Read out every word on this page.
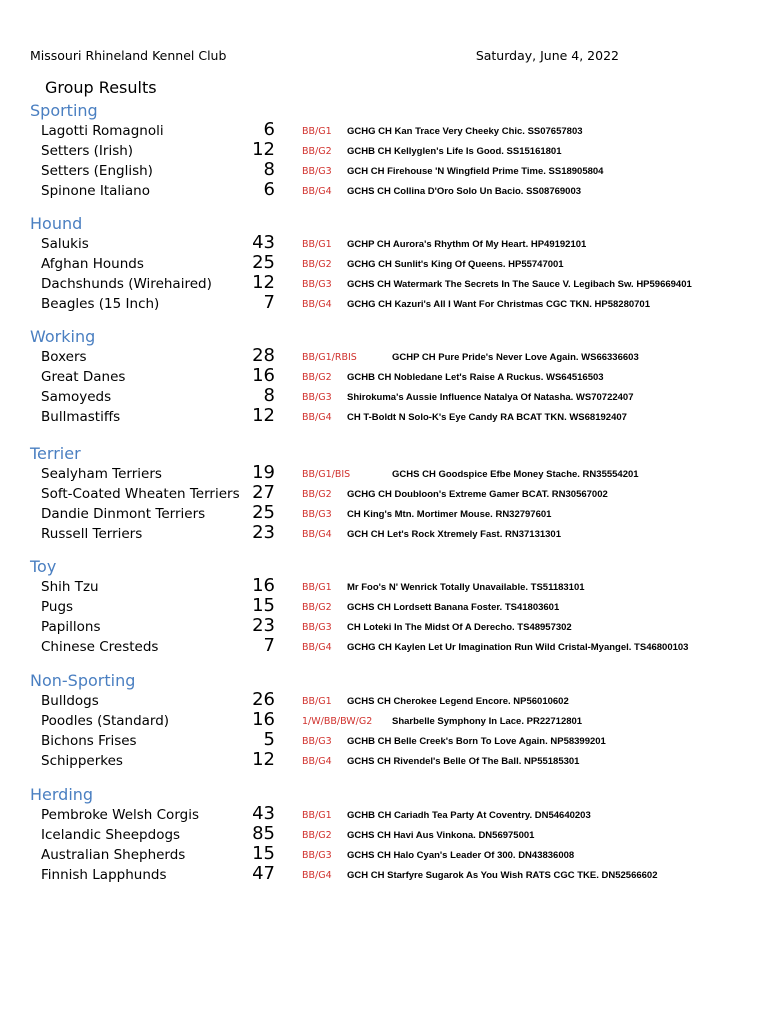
Missouri Rhineland Kennel Club	Saturday, June 4, 2022
Group Results
Sporting
Lagotti Romagnoli	6	BB/G1 GCHG CH Kan Trace Very Cheeky Chic. SS07657803
Setters (Irish)	12	BB/G2 GCHB CH Kellyglen's Life Is Good. SS15161801
Setters (English)	8	BB/G3 GCH CH Firehouse 'N Wingfield Prime Time. SS18905804
Spinone Italiano	6	BB/G4 GCHS CH Collina D'Oro Solo Un Bacio. SS08769003
Hound
Salukis	43	BB/G1 GCHP CH Aurora's Rhythm Of My Heart. HP49192101
Afghan Hounds	25	BB/G2 GCHG CH Sunlit's King Of Queens. HP55747001
Dachshunds (Wirehaired)	12	BB/G3 GCHS CH Watermark The Secrets In The Sauce V. Legibach Sw. HP59669401
Beagles (15 Inch)	7	BB/G4 GCHG CH Kazuri's All I Want For Christmas CGC TKN. HP58280701
Working
Boxers	28	BB/G1/RBIS	GCHP CH Pure Pride's Never Love Again. WS66336603
Great Danes	16	BB/G2 GCHB CH Nobledane Let's Raise A Ruckus. WS64516503
Samoyeds	8	BB/G3 Shirokuma's Aussie Influence Natalya Of Natasha. WS70722407
Bullmastiffs	12	BB/G4 CH T-Boldt N Solo-K's Eye Candy RA BCAT TKN. WS68192407
Terrier
Sealyham Terriers	19	BB/G1/BIS	GCHS CH Goodspice Efbe Money Stache. RN35554201
Soft-Coated Wheaten Terriers 27	BB/G2 GCHG CH Doubloon's Extreme Gamer BCAT. RN30567002
Dandie Dinmont Terriers	25	BB/G3 CH King's Mtn. Mortimer Mouse. RN32797601
Russell Terriers	23	BB/G4 GCH CH Let's Rock Xtremely Fast. RN37131301
Toy
Shih Tzu	16	BB/G1 Mr Foo's N' Wenrick Totally Unavailable. TS51183101
Pugs	15	BB/G2 GCHS CH Lordsett Banana Foster. TS41803601
Papillons	23	BB/G3 CH Loteki In The Midst Of A Derecho. TS48957302
Chinese Cresteds	7	BB/G4 GCHG CH Kaylen Let Ur Imagination Run Wild Cristal-Myangel. TS46800103
Non-Sporting
Bulldogs	26	BB/G1 GCHS CH Cherokee Legend Encore. NP56010602
Poodles (Standard)	16	1/W/BB/BW/G2 Sharbelle Symphony In Lace. PR22712801
Bichons Frises	5	BB/G3 GCHB CH Belle Creek's Born To Love Again. NP58399201
Schipperkes	12	BB/G4 GCHS CH Rivendel's Belle Of The Ball. NP55185301
Herding
Pembroke Welsh Corgis	43	BB/G1 GCHB CH Cariadh Tea Party At Coventry. DN54640203
Icelandic Sheepdogs	85	BB/G2 GCHS CH Havi Aus Vinkona. DN56975001
Australian Shepherds	15	BB/G3 GCHS CH Halo Cyan's Leader Of 300. DN43836008
Finnish Lapphunds	47	BB/G4 GCH CH Starfyre Sugarok As You Wish RATS CGC TKE. DN52566602
